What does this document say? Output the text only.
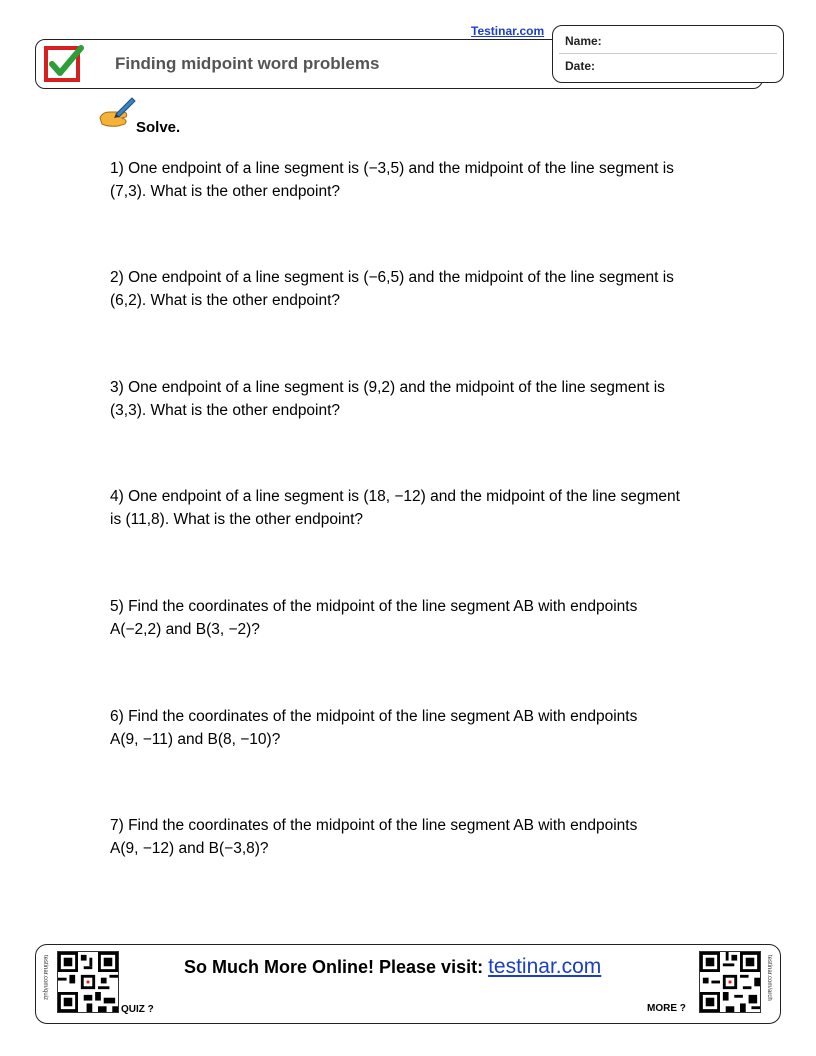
Finding midpoint word problems
Testinar.com
Name:
Date:
Solve.
1) One endpoint of a line segment is (−3,5) and the midpoint of the line segment is
(7,3). What is the other endpoint?
2) One endpoint of a line segment is (−6,5) and the midpoint of the line segment is
(6,2). What is the other endpoint?
3) One endpoint of a line segment is (9,2) and the midpoint of the line segment is
(3,3). What is the other endpoint?
4) One endpoint of a line segment is (18, −12) and the midpoint of the line segment
is (11,8). What is the other endpoint?
5) Find the coordinates of the midpoint of the line segment AB with endpoints
A(−2,2) and B(3, −2)?
6) Find the coordinates of the midpoint of the line segment AB with endpoints
A(9, −11) and B(8, −10)?
7) Find the coordinates of the midpoint of the line segment AB with endpoints
A(9, −12) and B(−3,8)?
testinar.com/quiz
QUIZ ?
So Much More Online! Please visit: testinar.com
MORE ?
testinar.com/arch
